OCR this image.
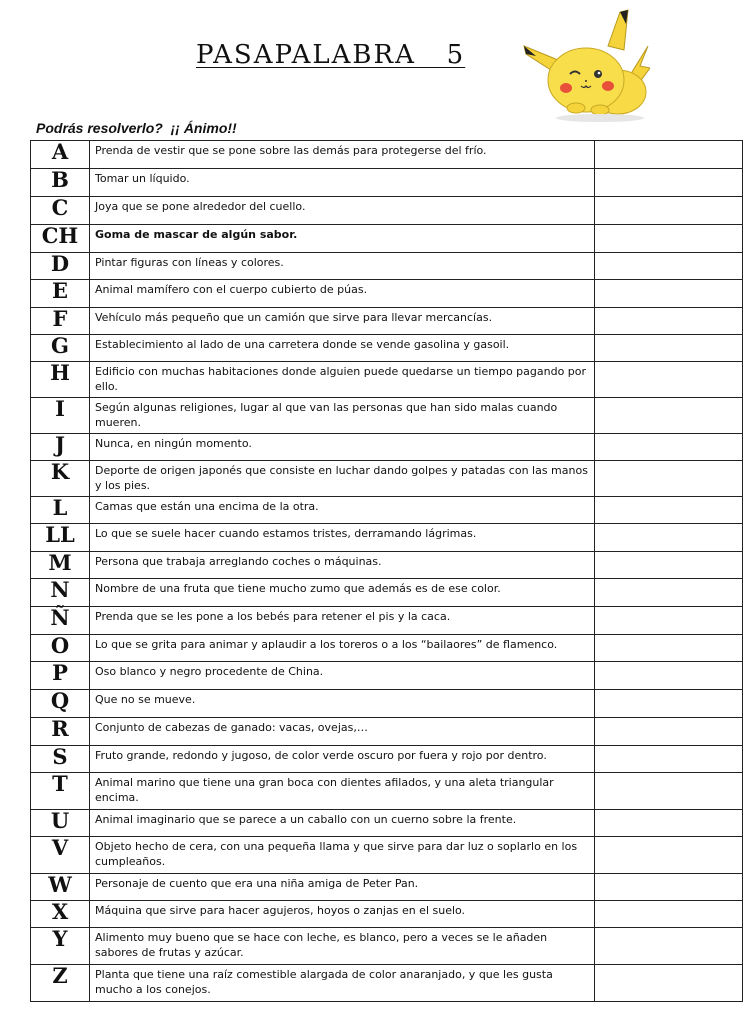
PASAPALABRA   5
Podrás resolverlo?  ¡¡ Ánimo!!
A	Prenda de vestir que se pone sobre las demás para protegerse del frío.	
B	Tomar un líquido.	
C	Joya que se pone alrededor del cuello.	
CH	Goma de mascar de algún sabor.	
D	Pintar figuras con líneas y colores.	
E	Animal mamífero con el cuerpo cubierto de púas.	
F	Vehículo más pequeño que un camión que sirve para llevar mercancías.	
G	Establecimiento al lado de una carretera donde se vende gasolina y gasoil.	
H	Edificio con muchas habitaciones donde alguien puede quedarse un tiempo pagando por ello.	
I	Según algunas religiones, lugar al que van las personas que han sido malas cuando mueren.	
J	Nunca, en ningún momento.	
K	Deporte de origen japonés que consiste en luchar dando golpes y patadas con las manos y los pies.	
L	Camas que están una encima de la otra.	
LL	Lo que se suele hacer cuando estamos tristes, derramando lágrimas.	
M	Persona que trabaja arreglando coches o máquinas.	
N	Nombre de una fruta que tiene mucho zumo que además es de ese color.	
Ñ	Prenda que se les pone a los bebés para retener el pis y la caca.	
O	Lo que se grita para animar y aplaudir a los toreros o a los “bailaores” de flamenco.	
P	Oso blanco y negro procedente de China.	
Q	Que no se mueve.	
R	Conjunto de cabezas de ganado: vacas, ovejas,…	
S	Fruto grande, redondo y jugoso, de color verde oscuro por fuera y rojo por dentro.	
T	Animal marino que tiene una gran boca con dientes afilados, y una aleta triangular encima.	
U	Animal imaginario que se parece a un caballo con un cuerno sobre la frente.	
V	Objeto hecho de cera, con una pequeña llama y que sirve para dar luz o soplarlo en los cumpleaños.	
W	Personaje de cuento que era una niña amiga de Peter Pan.	
X	Máquina que sirve para hacer agujeros, hoyos o zanjas en el suelo.	
Y	Alimento muy bueno que se hace con leche, es blanco, pero a veces se le añaden sabores de frutas y azúcar.	
Z	Planta que tiene una raíz comestible alargada de color anaranjado, y que les gusta mucho a los conejos.	
